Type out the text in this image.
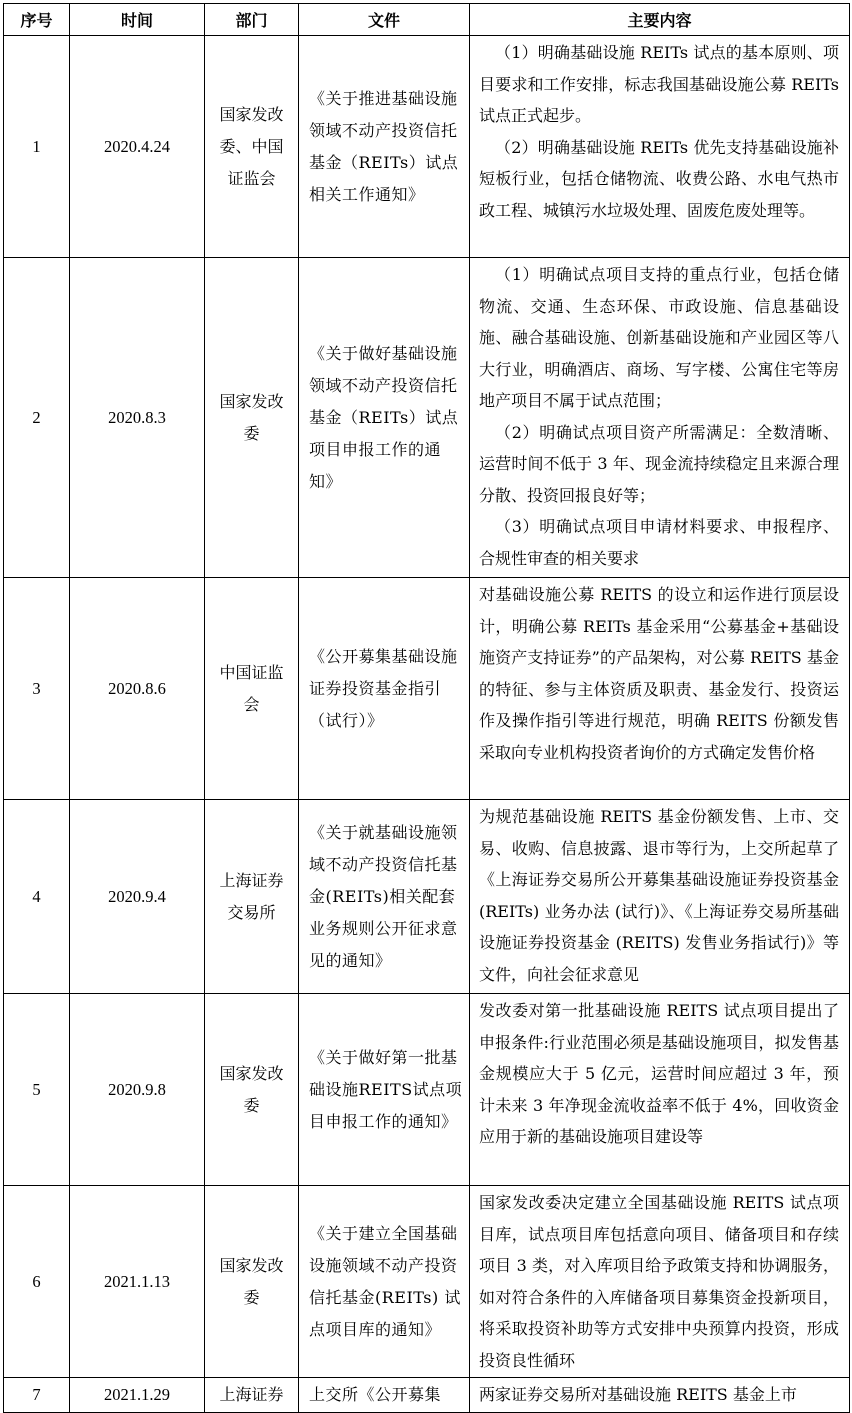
序号	时间	部门	文件	主要内容
1	2020.4.24	国家发改委、中国证监会	《关于推进基础设施领域不动产投资信托基金（REITs）试点相关工作通知》	（1）明确基础设施 REITs 试点的基本原则、项目要求和工作安排，标志我国基础设施公募 REITs 试点正式起步。

（2）明确基础设施 REITs 优先支持基础设施补短板行业，包括仓储物流、收费公路、水电气热市政工程、城镇污水垃圾处理、固废危废处理等。

2	2020.8.3	国家发改委	《关于做好基础设施领域不动产投资信托基金（REITs）试点项目申报工作的通知》	（1）明确试点项目支持的重点行业，包括仓储物流、交通、生态环保、市政设施、信息基础设施、融合基础设施、创新基础设施和产业园区等八大行业，明确酒店、商场、写字楼、公寓住宅等房地产项目不属于试点范围；

（2）明确试点项目资产所需满足：全数清晰、运营时间不低于 3 年、现金流持续稳定且来源合理分散、投资回报良好等；

（3）明确试点项目申请材料要求、申报程序、合规性审查的相关要求

3	2020.8.6	中国证监会	《公开募集基础设施证券投资基金指引（试行）》	对基础设施公募 REITS 的设立和运作进行顶层设计，明确公募 REITs 基金采用“公募基金+基础设施资产支持证券”的产品架构，对公募 REITS 基金的特征、参与主体资质及职责、基金发行、投资运作及操作指引等进行规范，明确 REITS 份额发售采取向专业机构投资者询价的方式确定发售价格

4	2020.9.4	上海证券交易所	《关于就基础设施领域不动产投资信托基金(REITs)相关配套业务规则公开征求意见的通知》	为规范基础设施 REITS 基金份额发售、上市、交易、收购、信息披露、退市等行为，上交所起草了《上海证券交易所公开募集基础设施证券投资基金(REITs) 业务办法 (试行)》、《上海证券交易所基础设施证券投资基金 (REITS) 发售业务指试行)》等文件，向社会征求意见

5	2020.9.8	国家发改委	《关于做好第一批基础设施REITS试点项目申报工作的通知》	发改委对第一批基础设施 REITS 试点项目提出了申报条件:行业范围必须是基础设施项目，拟发售基金规模应大于 5 亿元，运营时间应超过 3 年，预计未来 3 年净现金流收益率不低于 4%，回收资金应用于新的基础设施项目建设等

6	2021.1.13	国家发改委	《关于建立全国基础设施领域不动产投资信托基金(REITs) 试点项目库的通知》	国家发改委决定建立全国基础设施 REITS 试点项目库，试点项目库包括意向项目、储备项目和存续项目 3 类，对入库项目给予政策支持和协调服务，如对符合条件的入库储备项目募集资金投新项目，将采取投资补助等方式安排中央预算内投资，形成投资良性循环

7	2021.1.29	上海证券	上交所《公开募集	两家证券交易所对基础设施 REITS 基金上市
